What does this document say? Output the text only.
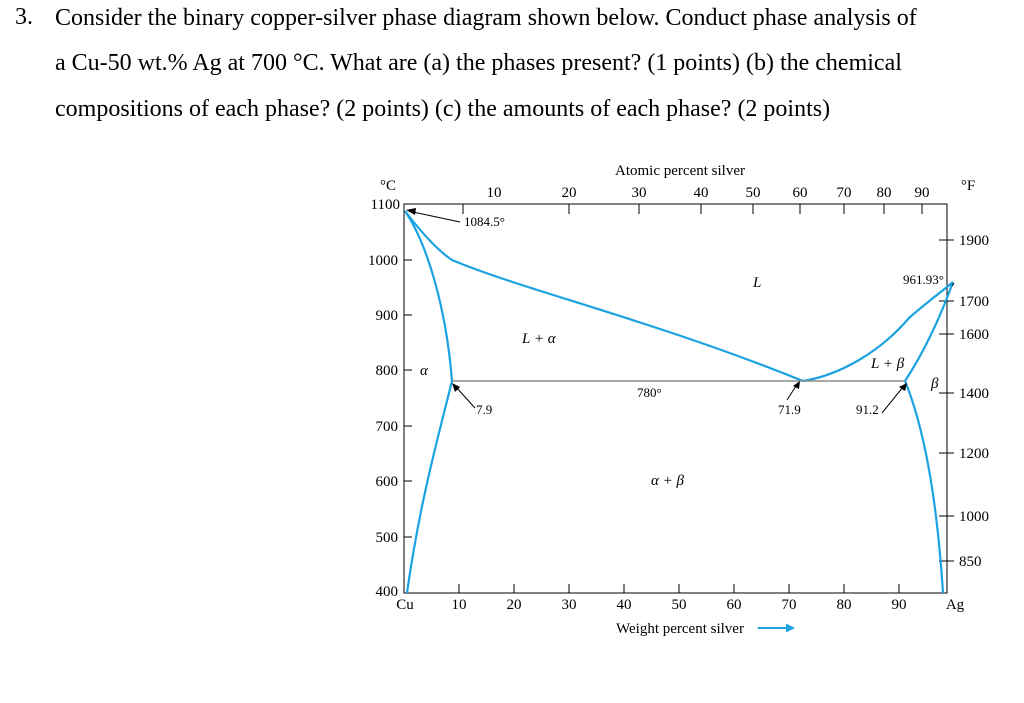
3. Consider the binary copper-silver phase diagram shown below. Conduct phase analysis of
a Cu-50 wt.% Ag at 700 °C. What are (a) the phases present? (1 points) (b) the chemical
compositions of each phase? (2 points) (c) the amounts of each phase? (2 points)
Atomic percent silver
10	20	30	40 50 60 70 80 90
°C	°F
1100
1000
900
800
700
600
500
400
1900
1700
1600
1400
1200
1000
850
Cu	10	20	30	40	50	60	70	80	90	Ag
Weight percent silver
1084.5°
961.93°
780°
7.9	71.9	91.2
L
L + α
L + β
α
β
α + β
